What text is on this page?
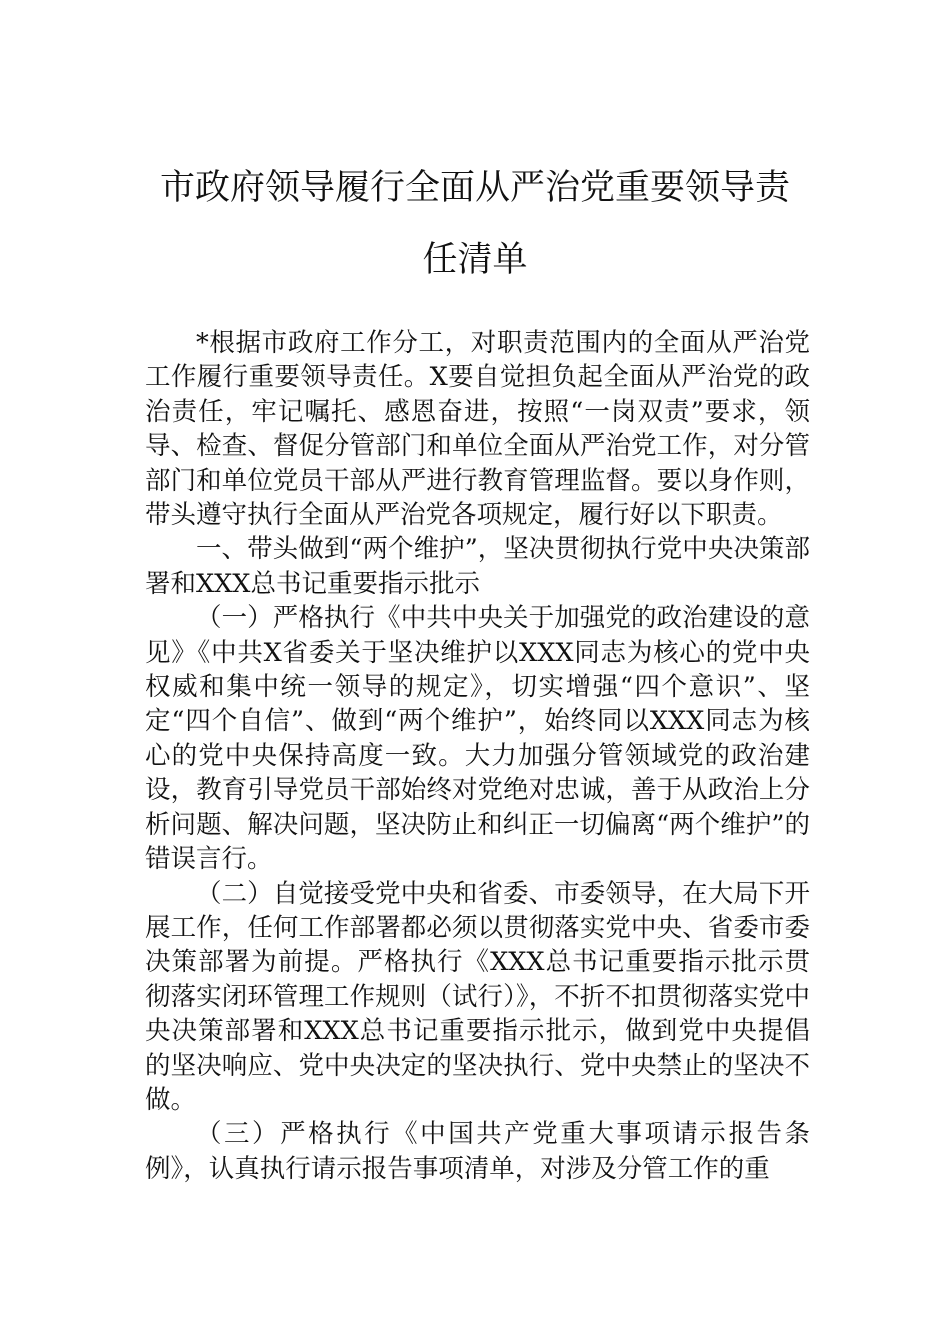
市政府领导履行全面从严治党重要领导责
任清单

*根据市政府工作分工，对职责范围内的全面从严治党工作履行重要领导责任。X要自觉担负起全面从严治党的政治责任，牢记嘱托、感恩奋进，按照“一岗双责”要求，领导、检查、督促分管部门和单位全面从严治党工作，对分管部门和单位党员干部从严进行教育管理监督。要以身作则，带头遵守执行全面从严治党各项规定，履行好以下职责。

一、带头做到“两个维护”，坚决贯彻执行党中央决策部署和XXX总书记重要指示批示

（一）严格执行《中共中央关于加强党的政治建设的意见》《中共X省委关于坚决维护以XXX同志为核心的党中央权威和集中统一领导的规定》，切实增强“四个意识”、坚定“四个自信”、做到“两个维护”，始终同以XXX同志为核心的党中央保持高度一致。大力加强分管领域党的政治建设，教育引导党员干部始终对党绝对忠诚，善于从政治上分析问题、解决问题，坚决防止和纠正一切偏离“两个维护”的错误言行。

（二）自觉接受党中央和省委、市委领导，在大局下开展工作，任何工作部署都必须以贯彻落实党中央、省委市委决策部署为前提。严格执行《XXX总书记重要指示批示贯彻落实闭环管理工作规则（试行）》，不折不扣贯彻落实党中央决策部署和XXX总书记重要指示批示，做到党中央提倡的坚决响应、党中央决定的坚决执行、党中央禁止的坚决不做。

（三）严格执行《中国共产党重大事项请示报告条例》，认真执行请示报告事项清单，对涉及分管工作的重
